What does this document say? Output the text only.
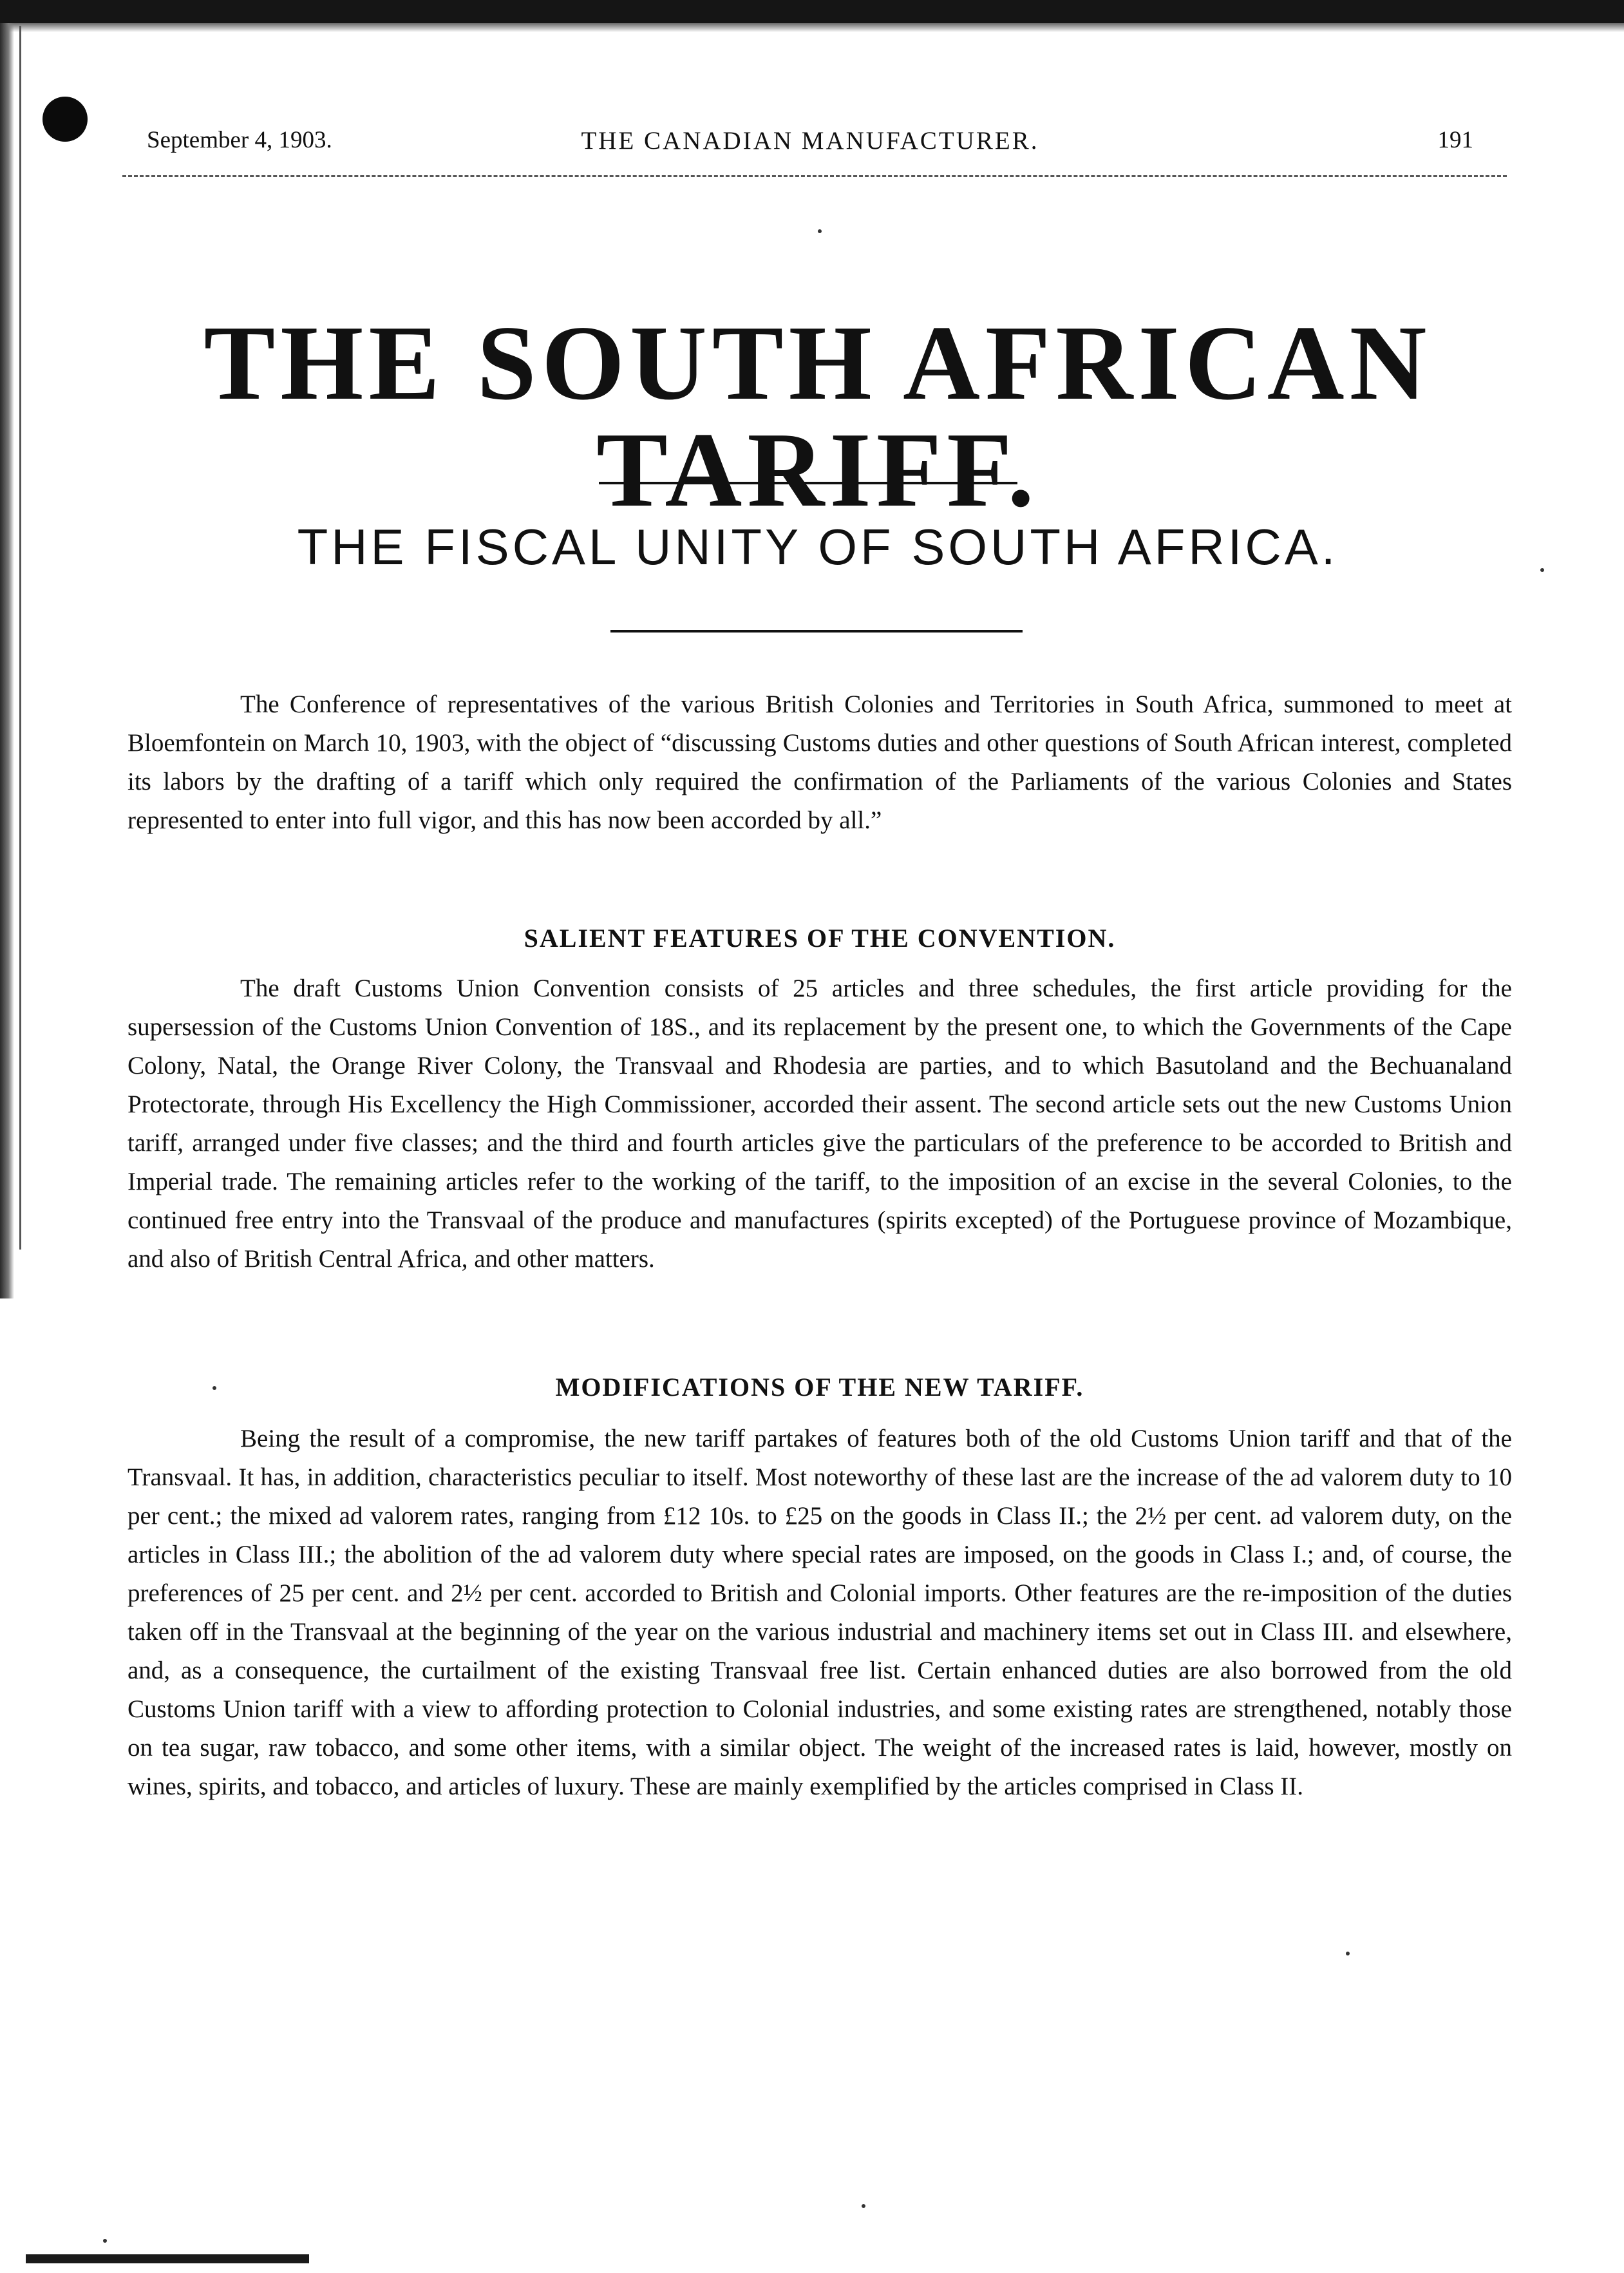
September 4, 1903.	THE CANADIAN MANUFACTURER.	191
THE SOUTH AFRICAN TARIFF.
THE FISCAL UNITY OF SOUTH AFRICA.

The Conference of representatives of the various British Colonies and Territories in South Africa, summoned to meet at Bloemfontein on March 10, 1903, with the object of “discussing Customs duties and other questions of South African interest, completed its labors by the drafting of a tariff which only required the confirmation of the Parliaments of the various Colonies and States represented to enter into full vigor, and this has now been accorded by all.”

SALIENT FEATURES OF THE CONVENTION.

The draft Customs Union Convention consists of 25 articles and three schedules, the first article providing for the supersession of the Customs Union Convention of 18S., and its replacement by the present one, to which the Governments of the Cape Colony, Natal, the Orange River Colony, the Transvaal and Rhodesia are parties, and to which Basutoland and the Bechuanaland Protectorate, through His Excellency the High Commissioner, accorded their assent. The second article sets out the new Customs Union tariff, arranged under five classes; and the third and fourth articles give the particulars of the preference to be accorded to British and Imperial trade. The remaining articles refer to the working of the tariff, to the imposition of an excise in the several Colonies, to the continued free entry into the Transvaal of the produce and manufactures (spirits excepted) of the Portuguese province of Mozambique, and also of British Central Africa, and other matters.

MODIFICATIONS OF THE NEW TARIFF.

Being the result of a compromise, the new tariff partakes of features both of the old Customs Union tariff and that of the Transvaal. It has, in addition, characteristics peculiar to itself. Most noteworthy of these last are the increase of the ad valorem duty to 10 per cent.; the mixed ad valorem rates, ranging from £12 10s. to £25 on the goods in Class II.; the 2½ per cent. ad valorem duty, on the articles in Class III.; the abolition of the ad valorem duty where special rates are imposed, on the goods in Class I.; and, of course, the preferences of 25 per cent. and 2½ per cent. accorded to British and Colonial imports. Other features are the re-imposition of the duties taken off in the Transvaal at the beginning of the year on the various industrial and machinery items set out in Class III. and elsewhere, and, as a consequence, the curtailment of the existing Transvaal free list. Certain enhanced duties are also borrowed from the old Customs Union tariff with a view to affording protection to Colonial industries, and some existing rates are strengthened, notably those on tea sugar, raw tobacco, and some other items, with a similar object. The weight of the increased rates is laid, however, mostly on wines, spirits, and tobacco, and articles of luxury. These are mainly exemplified by the articles comprised in Class II.
